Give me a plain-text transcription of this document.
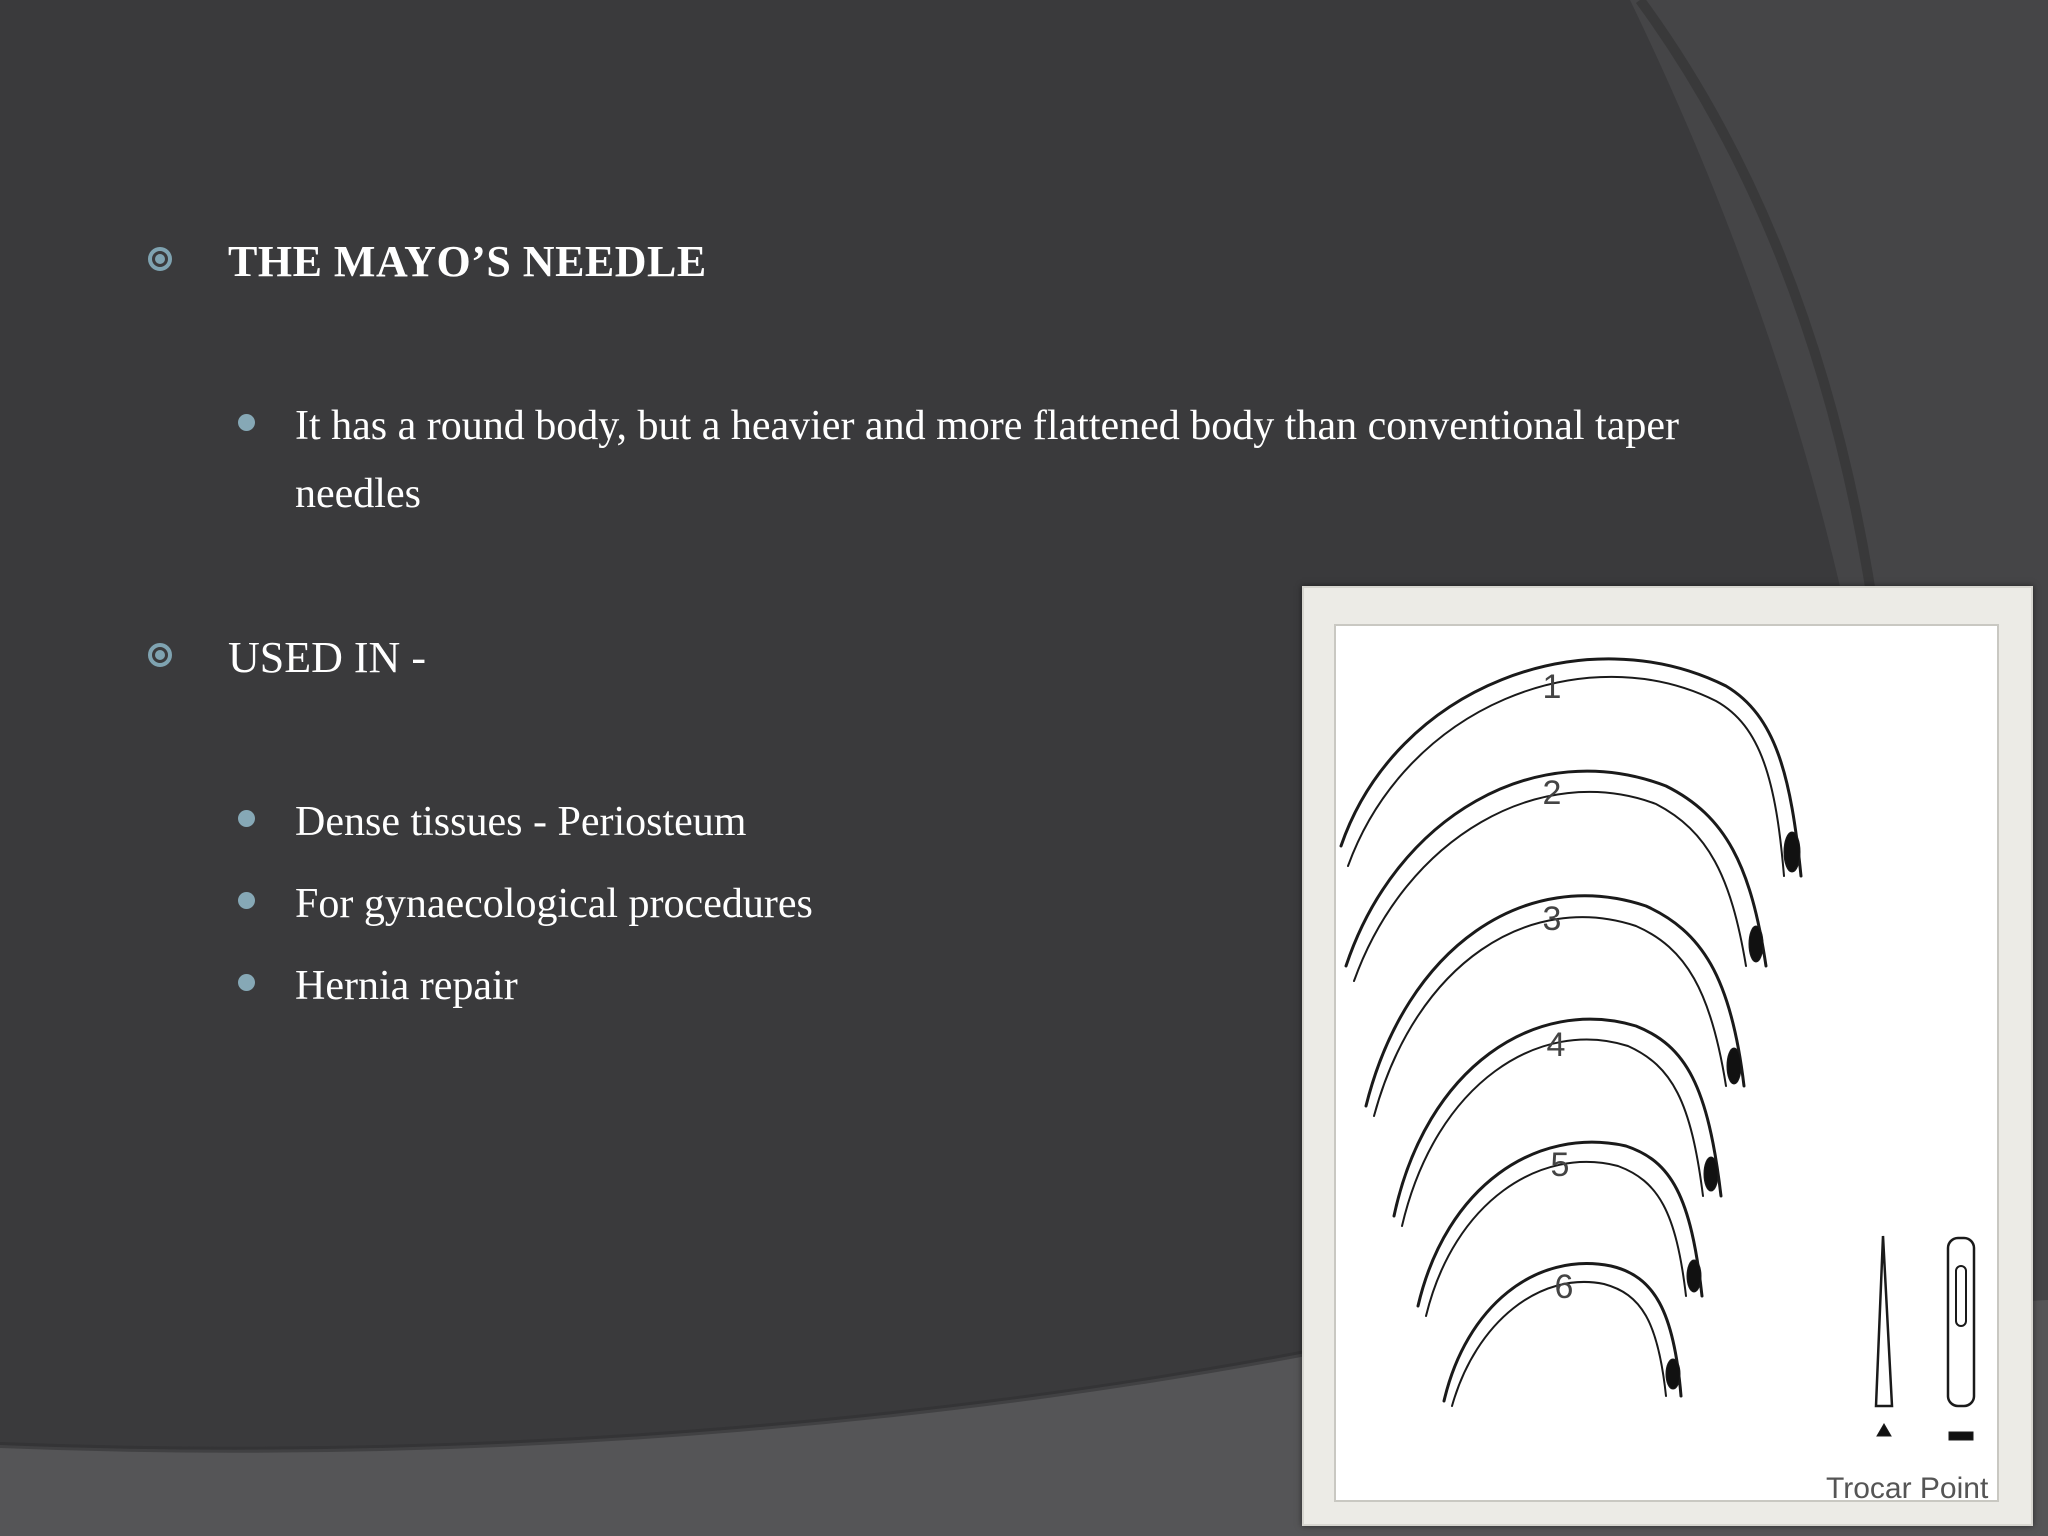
THE MAYO’S NEEDLE
It has a round body, but a heavier and more flattened body than conventional taper
needles
USED IN -
Dense tissues - Periosteum
For gynaecological procedures
Hernia repair
1
2
3
4
5
6
Trocar Point
